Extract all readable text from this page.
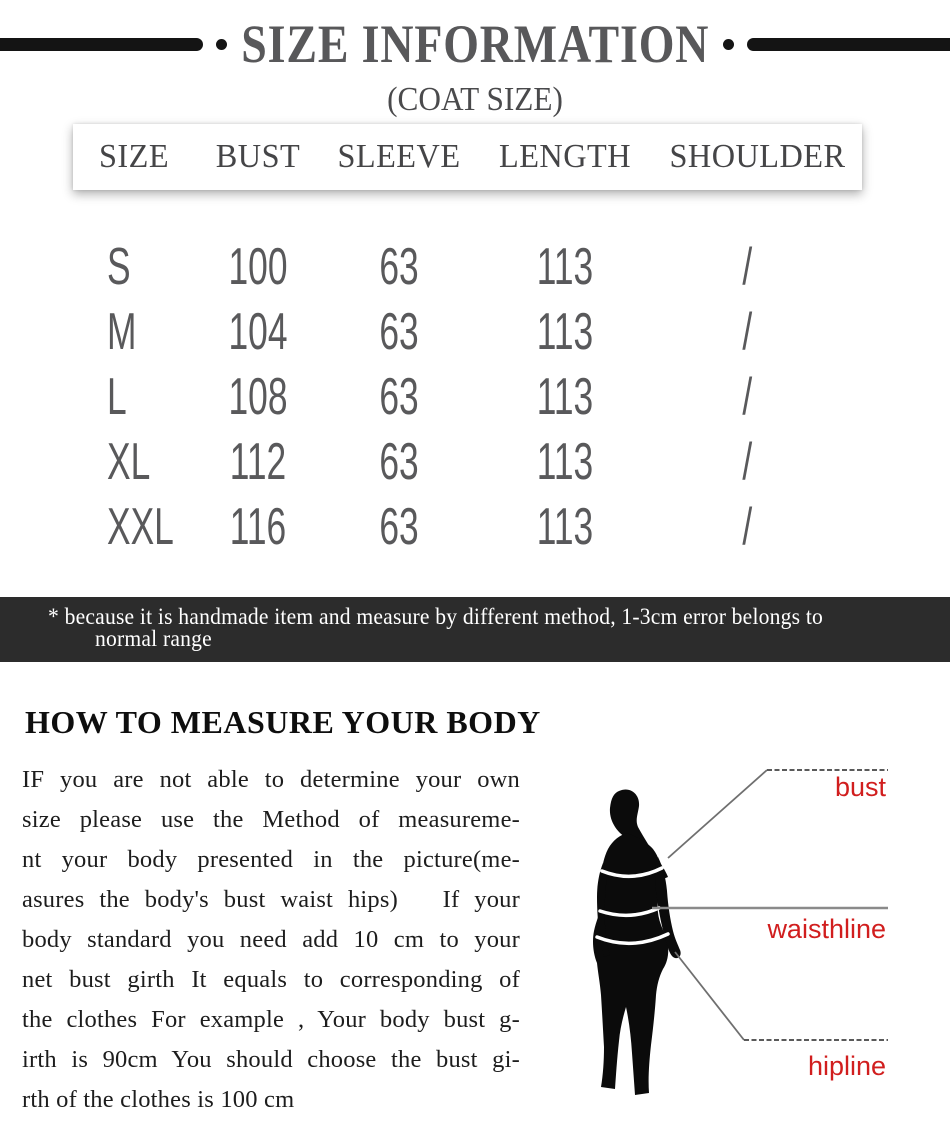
SIZE INFORMATION
(COAT SIZE)
SIZE	BUST	SLEEVE	LENGTH	SHOULDER
S	100	63	113	/
M	104	63	113	/
L	108	63	113	/
XL 112	63	113	/
XXL 116	63	113	/
* because it is handmade item and measure by different method, 1-3cm error belongs to
normal range
HOW TO MEASURE YOUR BODY
IF you are not able to determine your own
size please use the Method of measureme-
nt your body presented in the picture(me-
asures the body's bust waist hips)   If your
body standard you need add 10 cm to your
net bust girth It equals to corresponding of
the clothes For example , Your body bust g-
irth is 90cm You should choose the bust gi-
rth of the clothes is 100 cm
bust
waisthline
hipline
